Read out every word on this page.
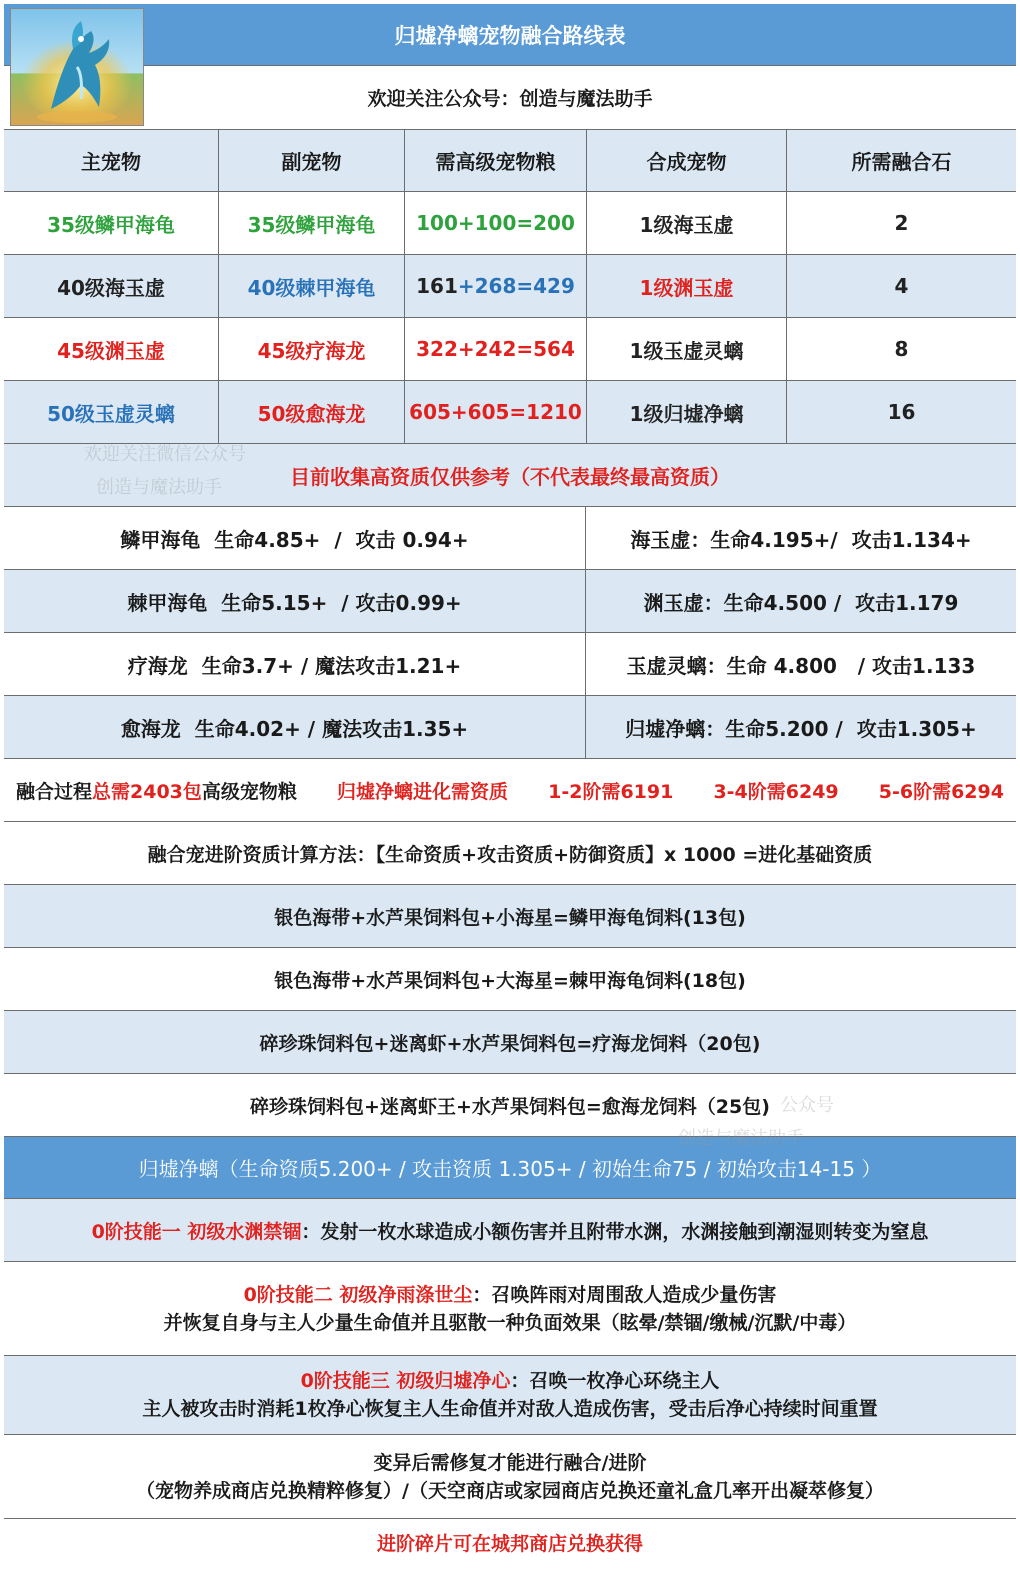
归墟净螭宠物融合路线表
欢迎关注公众号：创造与魔法助手
主宠物	副宠物	需高级宠物粮	合成宠物	所需融合石
35级鳞甲海龟	35级鳞甲海龟	100+100=200	1级海玉虚	2
40级海玉虚	40级棘甲海龟	161 +268=429	1级渊玉虚	4
45级渊玉虚	45级疗海龙	322+242=564	1级玉虚灵螭	8
50级玉虚灵螭	50级愈海龙	605+605=1210	1级归墟净螭	16
目前收集高资质仅供参考（不代表最终最高资质）
欢迎关注微信公众号
创造与魔法助手
鳞甲海龟  生命4.85+  /  攻击 0.94+	海玉虚：生命4.195+/  攻击1.134+
棘甲海龟  生命5.15+  / 攻击0.99+	渊玉虚：生命4.500 /  攻击1.179
疗海龙  生命3.7+ / 魔法攻击1.21+	玉虚灵螭：生命 4.800   / 攻击1.133
愈海龙  生命4.02+ / 魔法攻击1.35+	归墟净螭：生命5.200 /  攻击1.305+
融合过程总需2403包高级宠物粮 归墟净螭进化需资质 1-2阶需6191 3-4阶需6249 5-6阶需6294
融合宠进阶资质计算方法：【生命资质+攻击资质+防御资质】x 1000 =进化基础资质
银色海带+水芦果饲料包+小海星=鳞甲海龟饲料(13包)
银色海带+水芦果饲料包+大海星=棘甲海龟饲料(18包)
碎珍珠饲料包+迷离虾+水芦果饲料包=疗海龙饲料（20包)
碎珍珠饲料包+迷离虾王+水芦果饲料包=愈海龙饲料（25包) 公众号
创造与魔法助手
归墟净螭（生命资质5.200+ / 攻击资质 1.305+ / 初始生命75 / 初始攻击14-15 ）
0阶技能一 初级水渊禁锢 ：发射一枚水球造成小额伤害并且附带水渊，水渊接触到潮湿则转变为窒息
0阶技能二 初级净雨涤世尘：召唤阵雨对周围敌人造成少量伤害
并恢复自身与主人少量生命值并且驱散一种负面效果（眩晕/禁锢/缴械/沉默/中毒）
0阶技能三 初级归墟净心：召唤一枚净心环绕主人
主人被攻击时消耗1枚净心恢复主人生命值并对敌人造成伤害，受击后净心持续时间重置
变异后需修复才能进行融合/进阶
（宠物养成商店兑换精粹修复）/（天空商店或家园商店兑换还童礼盒几率开出凝萃修复）
进阶碎片可在城邦商店兑换获得
